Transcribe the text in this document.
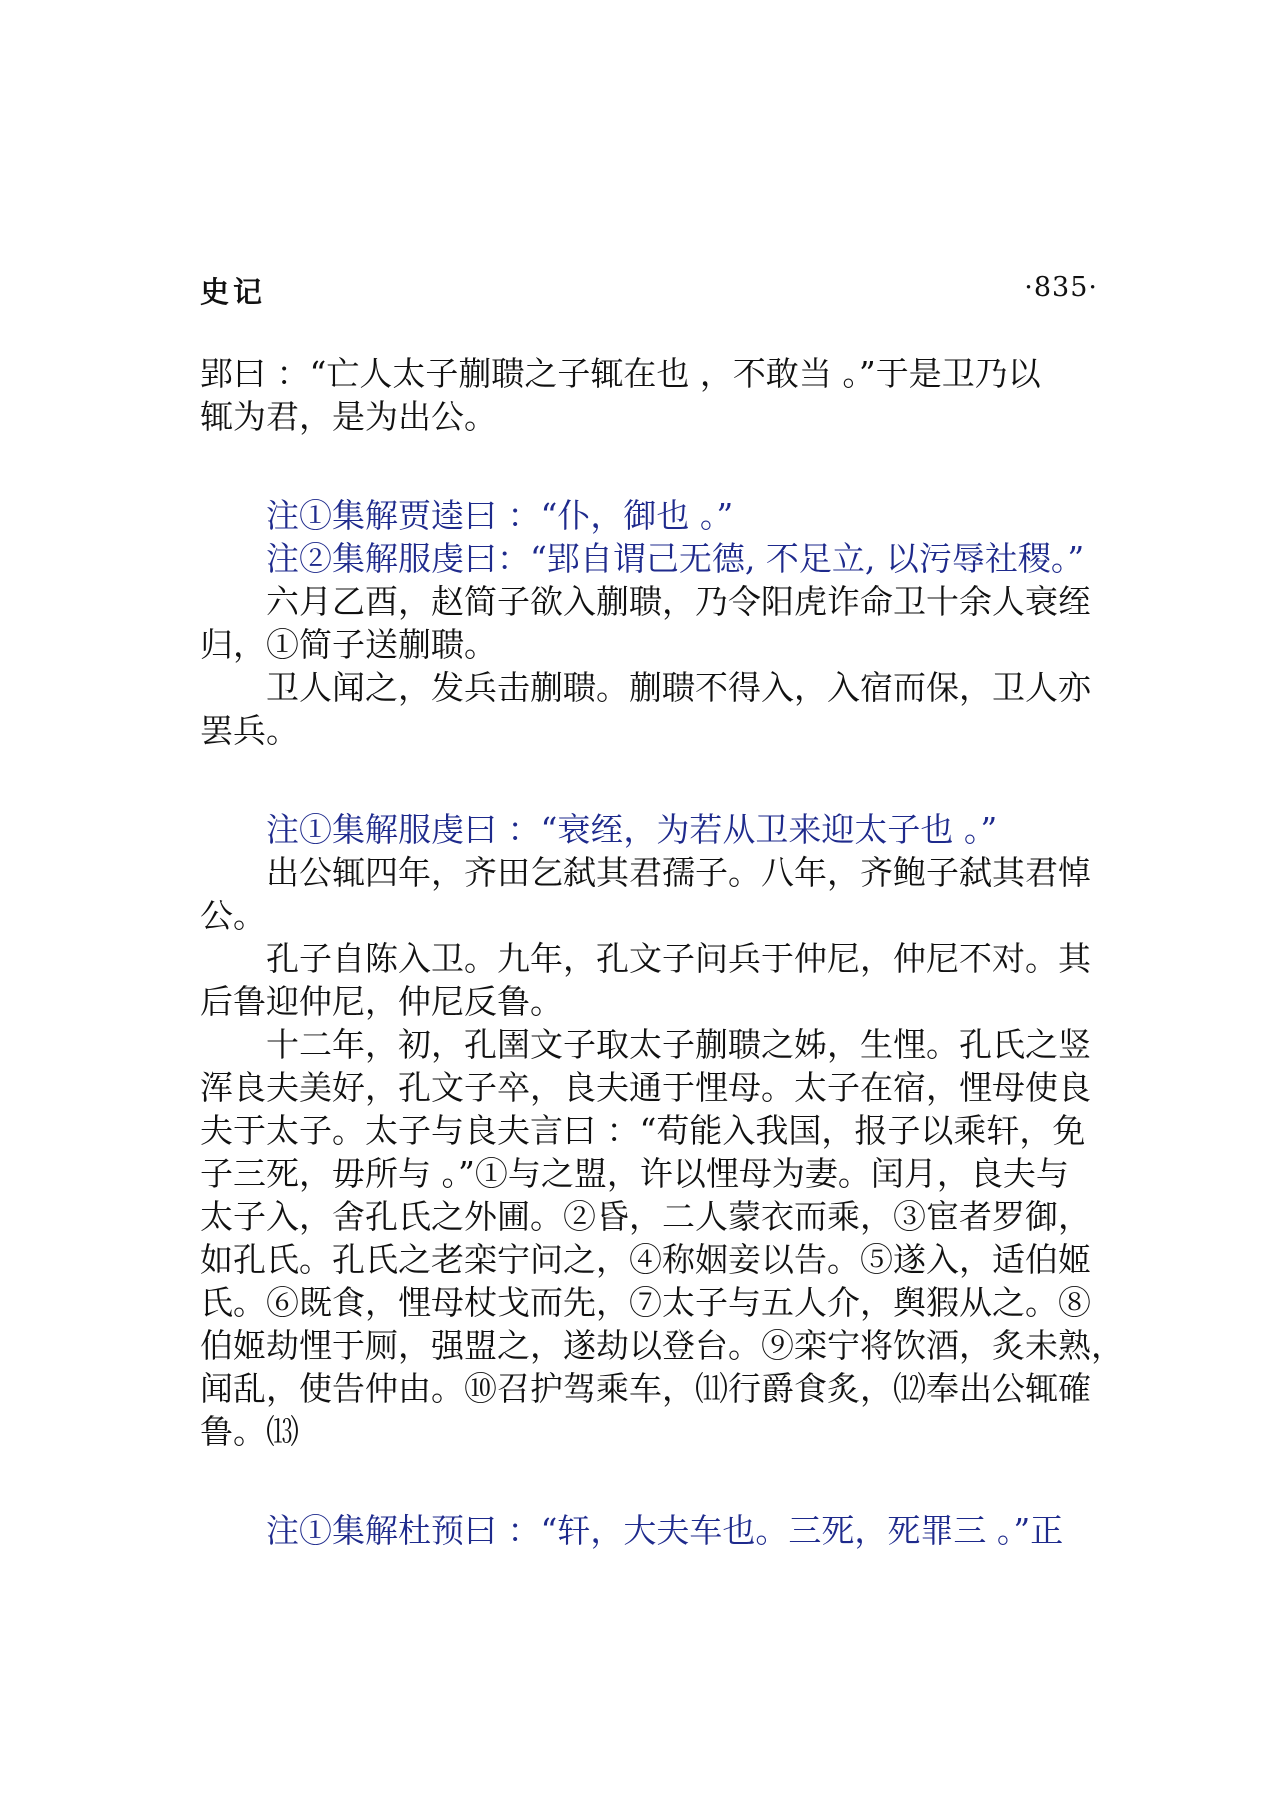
史记	·835·
郢曰 ：“亡人太子蒯聩之子辄在也 ，不敢当 。”于是卫乃以
辄为君，是为出公。
注①集解贾逵曰 ：“仆，御也 。”
注②集解服虔曰：“郢自谓己无德, 不足立, 以污辱社稷。”
六月乙酉，赵简子欲入蒯聩，乃令阳虎诈命卫十余人衰绖
归，①简子送蒯聩。
卫人闻之，发兵击蒯聩。蒯聩不得入，入宿而保，卫人亦
罢兵。
注①集解服虔曰 ：“衰绖，为若从卫来迎太子也 。”
出公辄四年，齐田乞弑其君孺子。八年，齐鲍子弑其君悼
公。
孔子自陈入卫。九年，孔文子问兵于仲尼，仲尼不对。其
后鲁迎仲尼，仲尼反鲁。
十二年，初，孔圉文子取太子蒯聩之姊，生悝。孔氏之竖
浑良夫美好，孔文子卒，良夫通于悝母。太子在宿，悝母使良
夫于太子。太子与良夫言曰 ：“苟能入我国，报子以乘轩，免
子三死，毋所与 。”①与之盟，许以悝母为妻。闰月，良夫与
太子入，舍孔氏之外圃。②昏，二人蒙衣而乘，③宦者罗御，
如孔氏。孔氏之老栾宁问之，④称姻妾以告。⑤遂入，适伯姬
氏。⑥既食，悝母杖戈而先，⑦太子与五人介，舆猳从之。⑧
伯姬劫悝于厕，强盟之，遂劫以登台。⑨栾宁将饮酒，炙未熟，
闻乱，使告仲由。⑩召护驾乘车，⑾行爵食炙，⑿奉出公辄確
鲁。⒀
注①集解杜预曰 ：“轩，大夫车也。三死，死罪三 。”正
